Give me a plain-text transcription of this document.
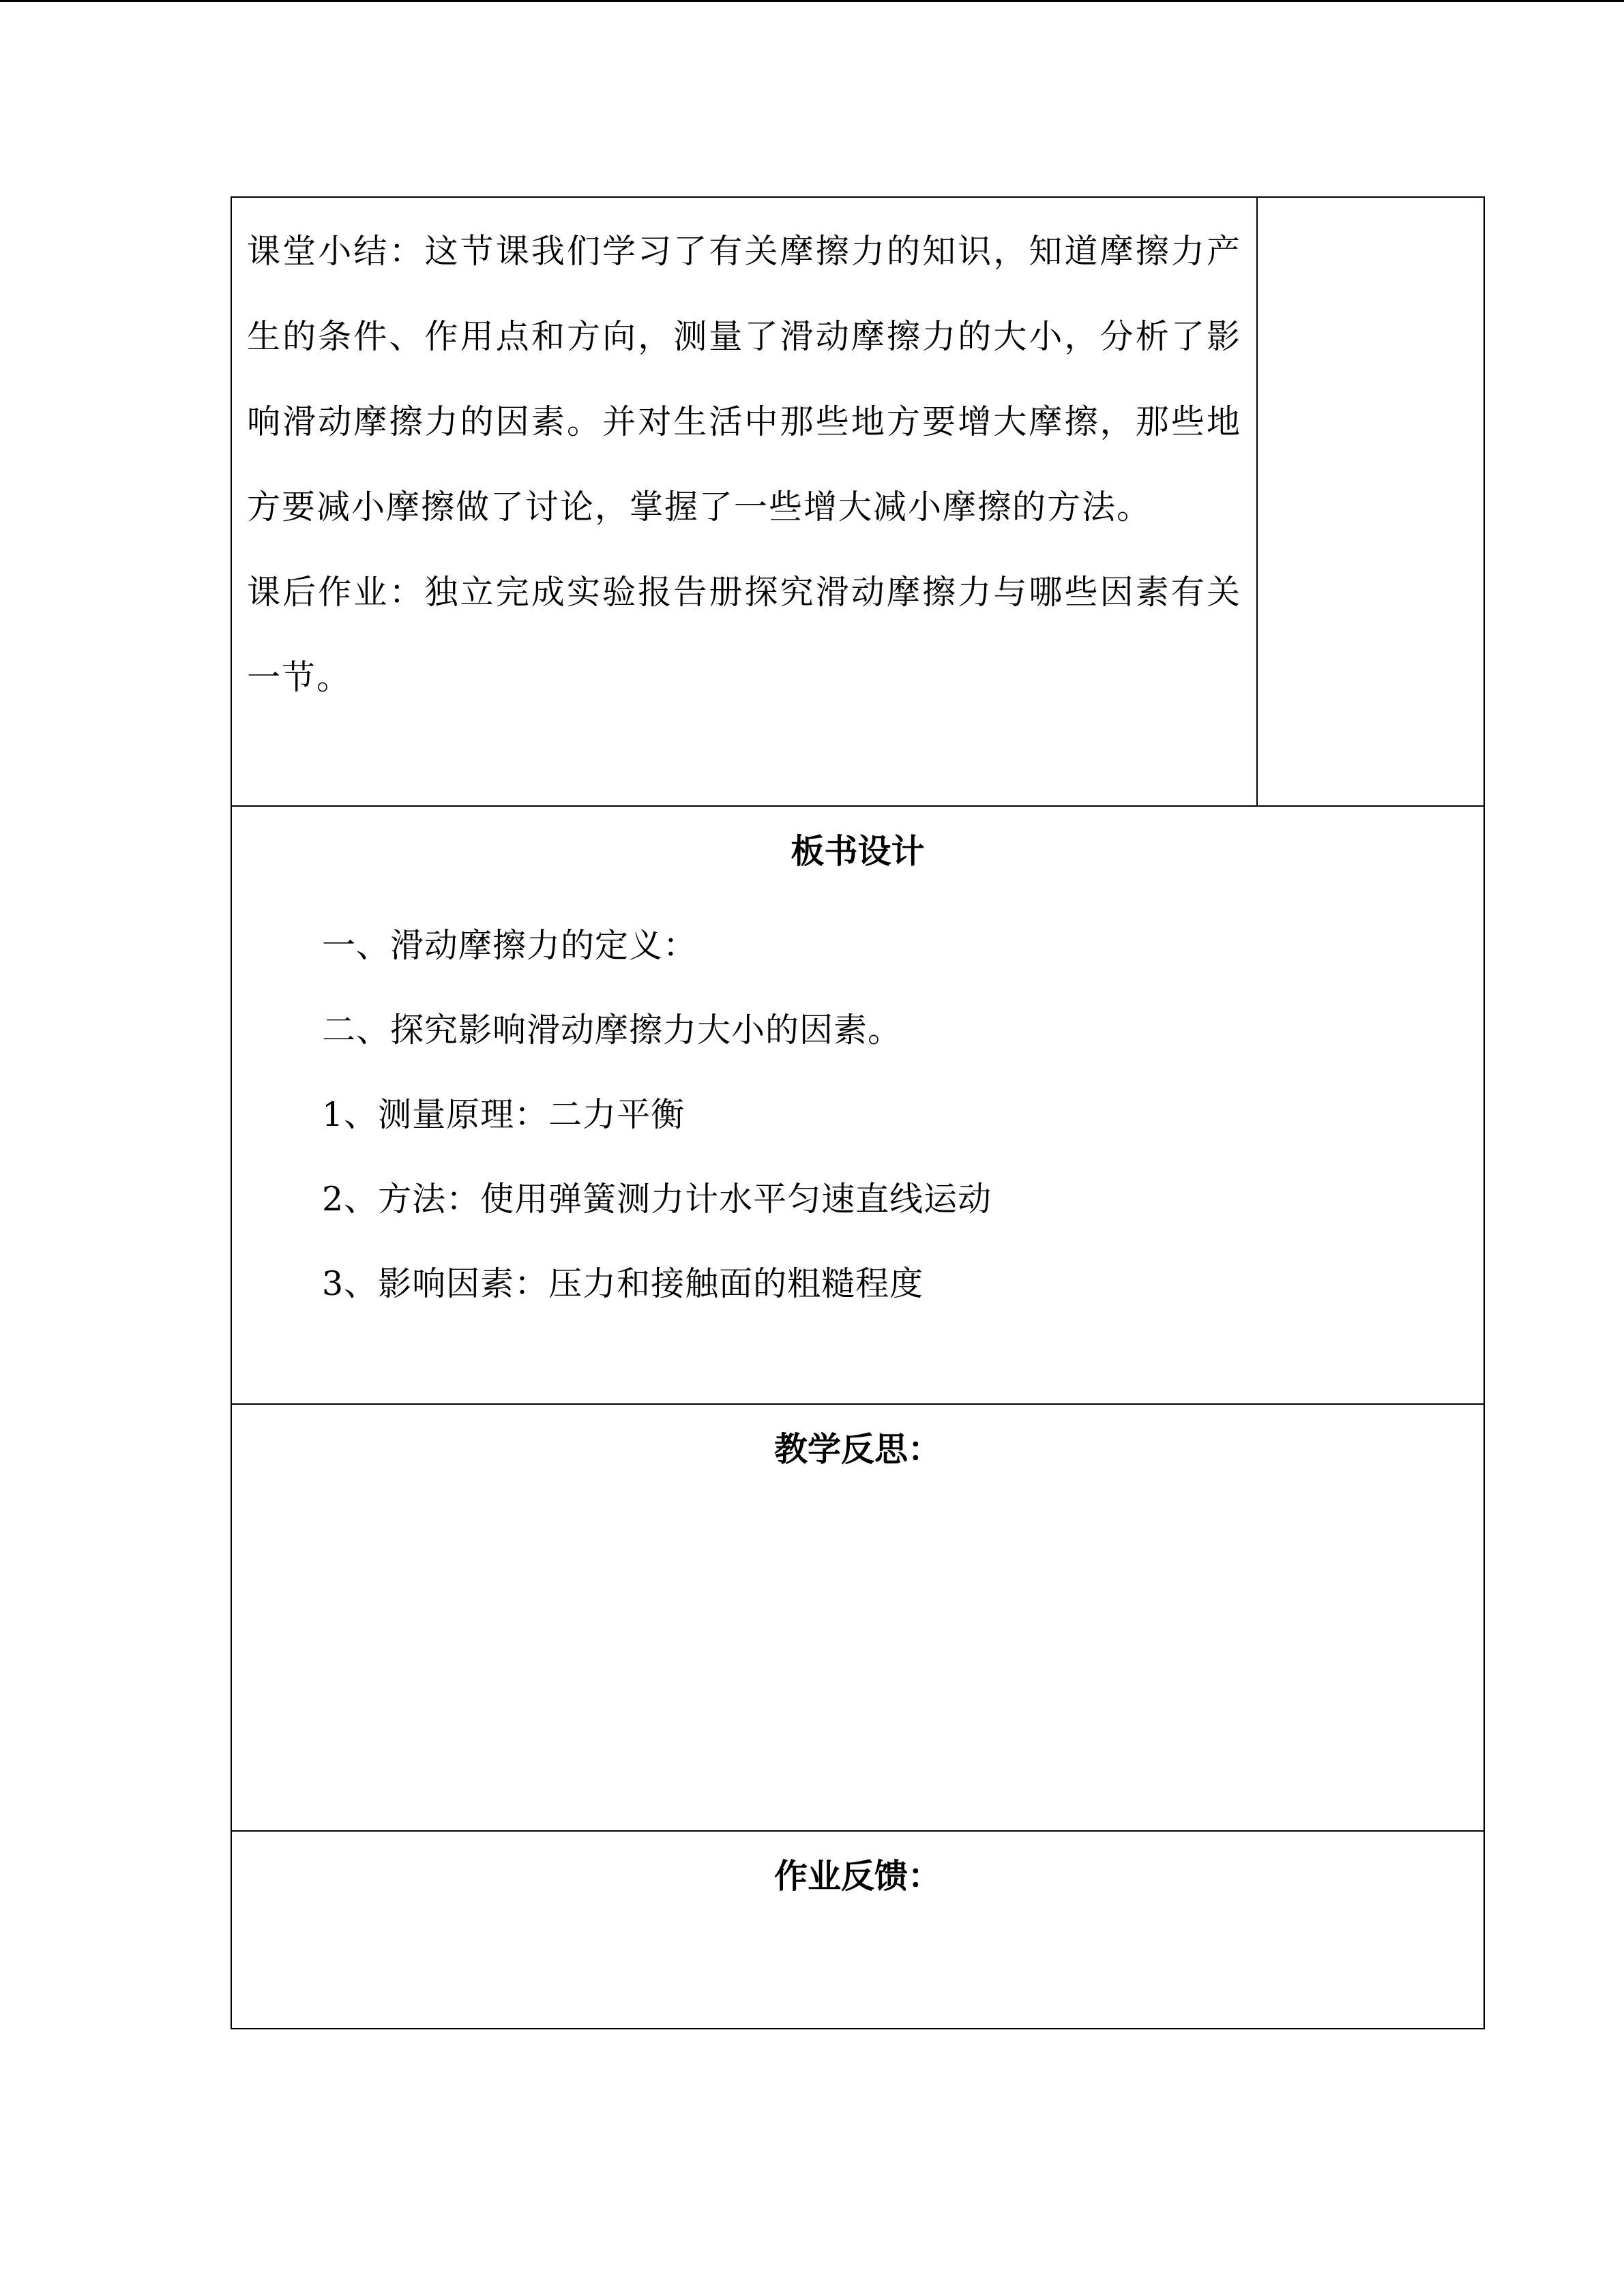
课堂小结：这节课我们学习了有关摩擦力的知识，知道摩擦力产生的条件、作用点和方向，测量了滑动摩擦力的大小，分析了影响滑动摩擦力的因素。并对生活中那些地方要增大摩擦，那些地方要减小摩擦做了讨论，掌握了一些增大减小摩擦的方法。

课后作业：独立完成实验报告册探究滑动摩擦力与哪些因素有关一节。

板书设计
一、滑动摩擦力的定义：
二、探究影响滑动摩擦力大小的因素。
1、测量原理：二力平衡
2、方法：使用弹簧测力计水平匀速直线运动
3、影响因素：压力和接触面的粗糙程度

教学反思：

作业反馈：
